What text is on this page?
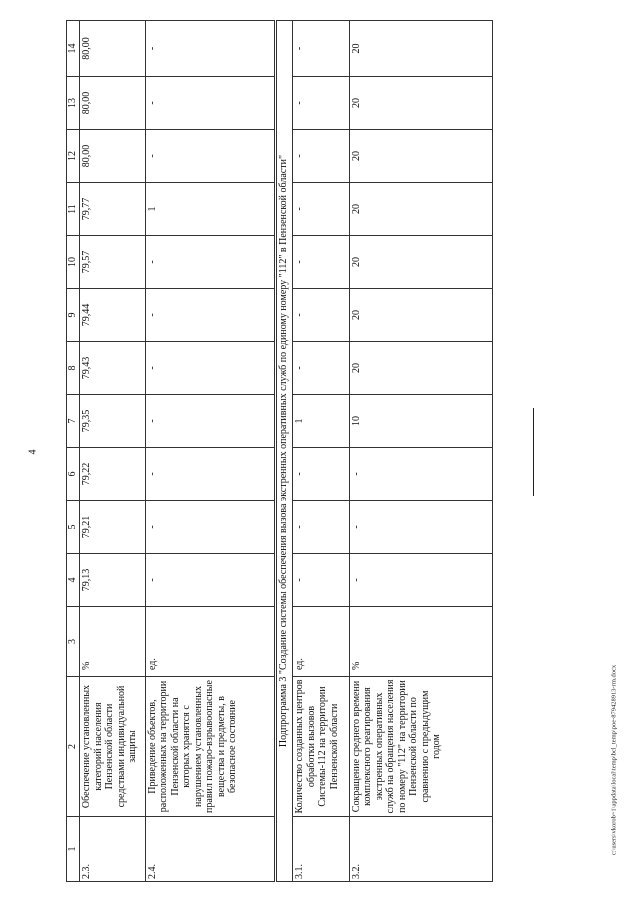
4
c:\users\vkorob~1\appdata\local\temp\bcl_temp\poe-879428913-rm.docx
1	2	3	4	5	6	7	8	9	10	11	12	13	14
2.3.	Обеспечение установленных категорий населения Пензенской области средствами индивидуальной защиты	%	79,13	79,21	79,22	79,35	79,43	79,44	79,57	79,77	80,00	80,00	80,00
2.4.	Приведение объектов, расположенных на территории Пензенской области на которых хранятся с нарушением установленных правил пожаро-взрывоопасные вещества и предметы, в безопасное состояние	ед.	-	-	-	-	-	-	-	1	-	-	-
Подпрограмма 3 "Создание системы обеспечения вызова экстренных оперативных служб по единому номеру "112" в Пензенской области"													
3.1.	Количество созданных центров обработки вызовов Системы-112 на территории Пензенской области	ед.	-	-	-	1	-	-	-	-	-	-	-
3.2.	Сокращение среднего времени комплексного реагирования экстренных оперативных служб на обращения населения по номеру "112" на территории Пензенской области по сравнению с предыдущим годом	%	-	-	-	10	20	20	20	20	20	20	20
